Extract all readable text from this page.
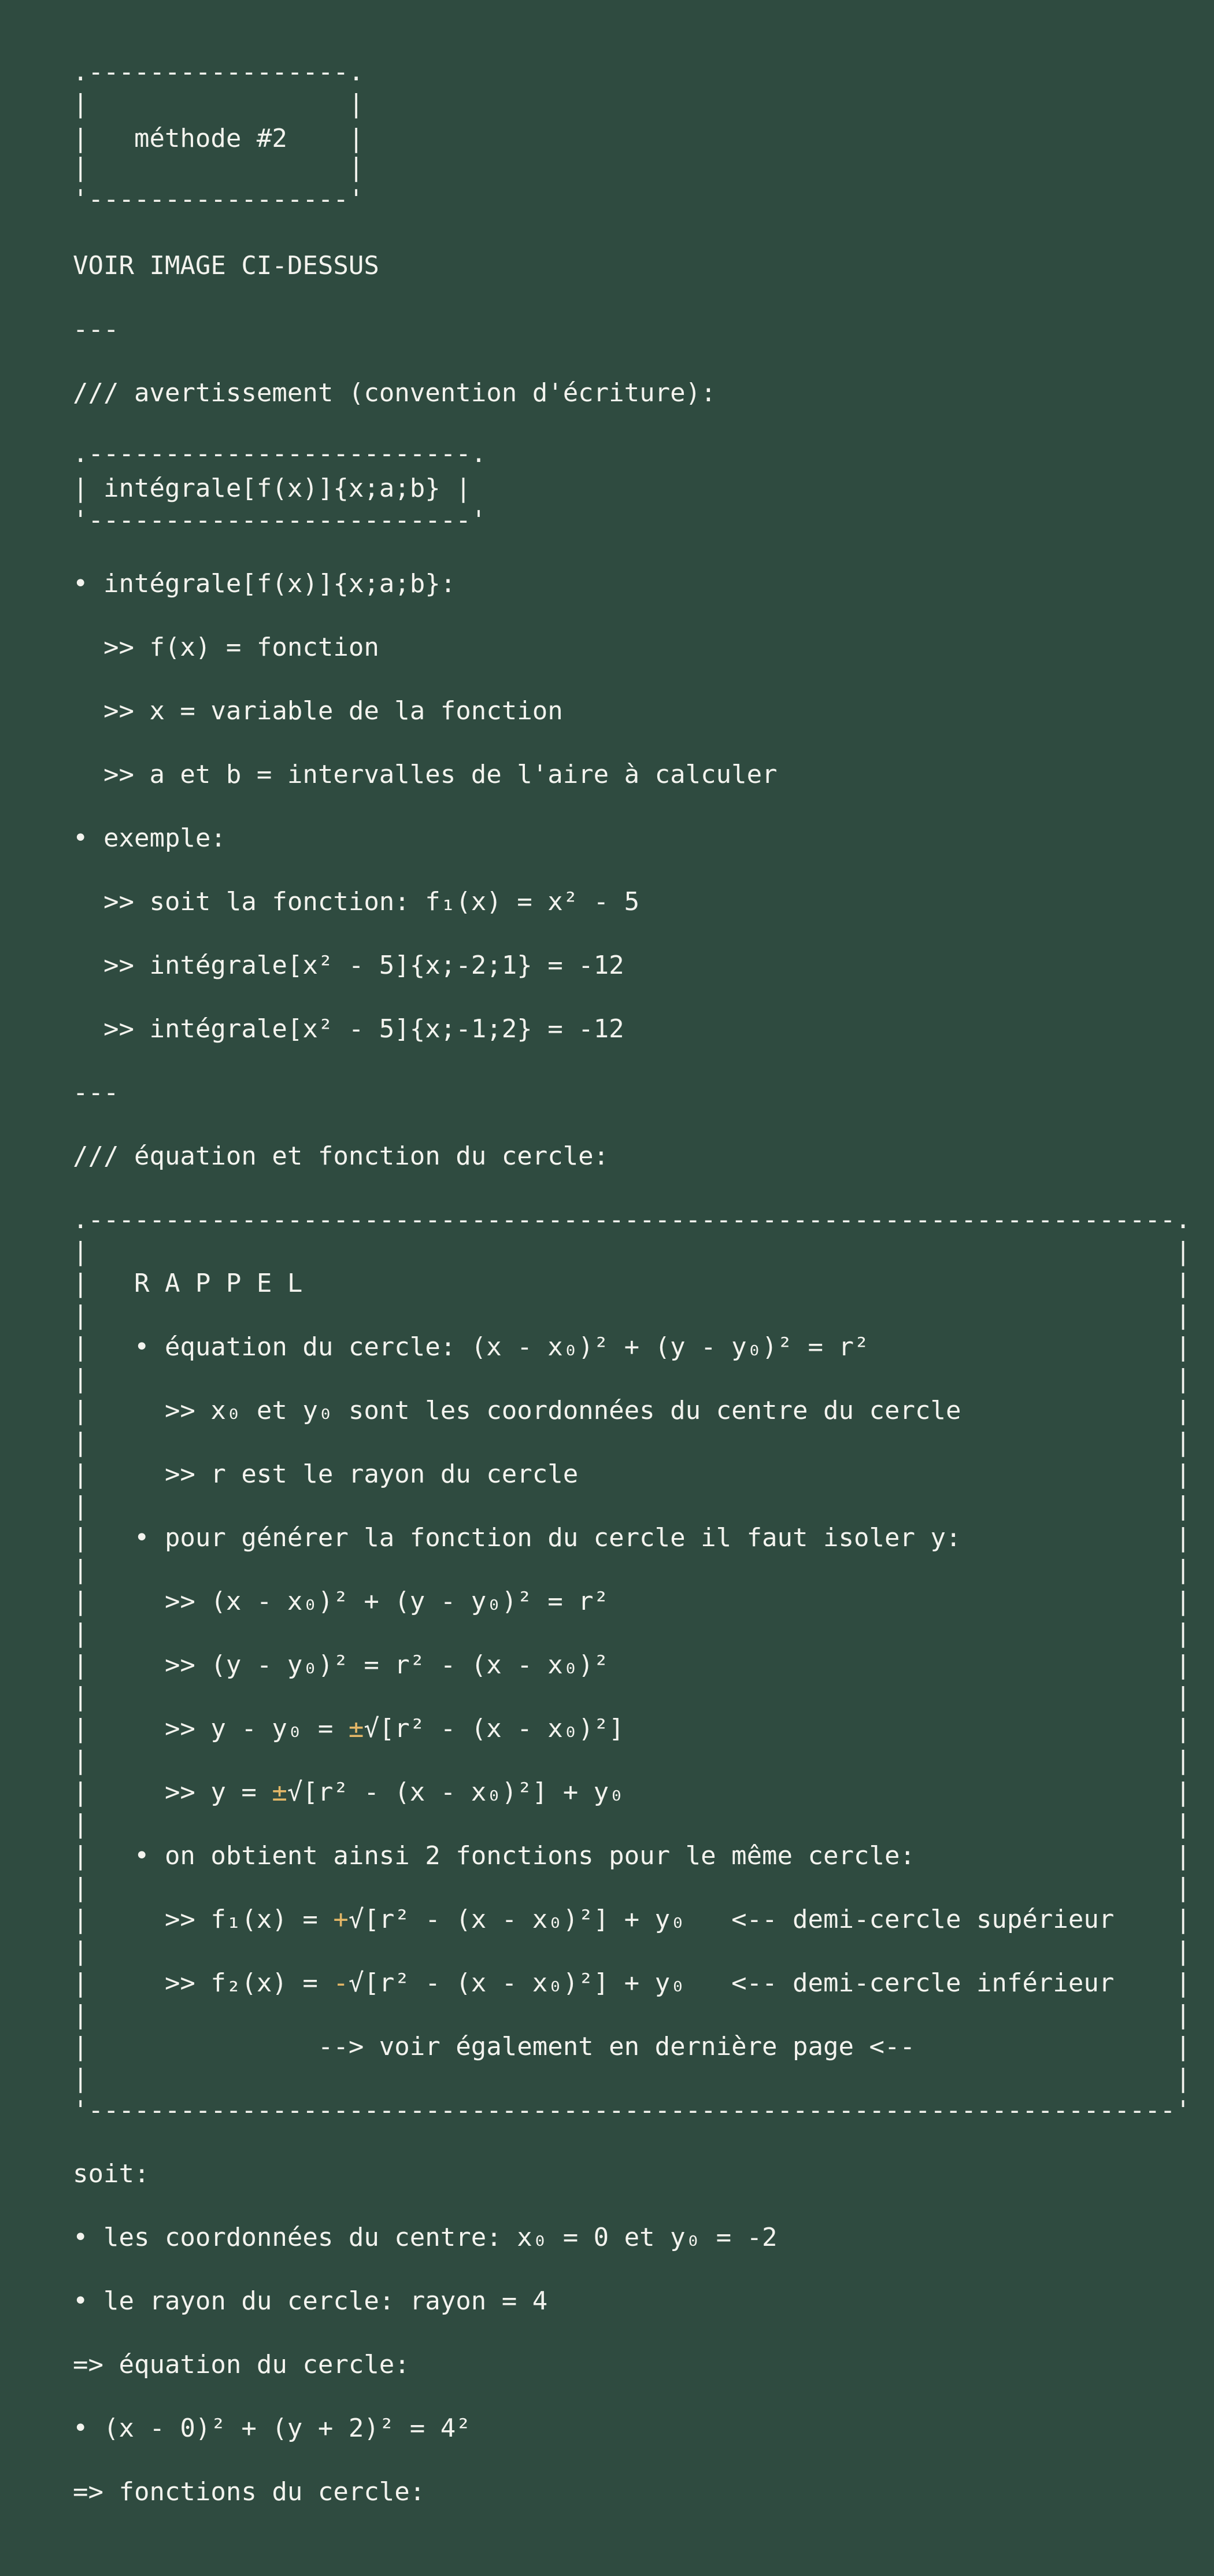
.-----------------.
|                 |
|   méthode #2    |
|                 |
'-----------------'
VOIR IMAGE CI-DESSUS
---
/// avertissement (convention d'écriture):
.-------------------------.
| intégrale[f(x)]{x;a;b} |
'-------------------------'
• intégrale[f(x)]{x;a;b}:
>> f(x) = fonction
>> x = variable de la fonction
>> a et b = intervalles de l'aire à calculer
• exemple:
>> soit la fonction: f₁(x) = x² - 5
>> intégrale[x² - 5]{x;-2;1} = -12
>> intégrale[x² - 5]{x;-1;2} = -12
---
/// équation et fonction du cercle:
.-----------------------------------------------------------------------.
|                                                                       |
|   R A P P E L                                                         |
|                                                                       |
|   • équation du cercle: (x - x₀)² + (y - y₀)² = r²                    |
|                                                                       |
|     >> x₀ et y₀ sont les coordonnées du centre du cercle              |
|                                                                       |
|     >> r est le rayon du cercle                                       |
|                                                                       |
|   • pour générer la fonction du cercle il faut isoler y:              |
|                                                                       |
|     >> (x - x₀)² + (y - y₀)² = r²                                     |
|                                                                       |
|     >> (y - y₀)² = r² - (x - x₀)²                                     |
|                                                                       |
|     >> y - y₀ = ±√[r² - (x - x₀)²]                                    |
|                                                                       |
|     >> y = ±√[r² - (x - x₀)²] + y₀                                    |
|                                                                       |
|   • on obtient ainsi 2 fonctions pour le même cercle:                 |
|                                                                       |
|     >> f₁(x) = +√[r² - (x - x₀)²] + y₀   <-- demi-cercle supérieur    |
|                                                                       |
|     >> f₂(x) = -√[r² - (x - x₀)²] + y₀   <-- demi-cercle inférieur    |
|                                                                       |
|               --> voir également en dernière page <--                 |
|                                                                       |
'-----------------------------------------------------------------------'
soit:
• les coordonnées du centre: x₀ = 0 et y₀ = -2
• le rayon du cercle: rayon = 4
=> équation du cercle:
• (x - 0)² + (y + 2)² = 4²
=> fonctions du cercle:
